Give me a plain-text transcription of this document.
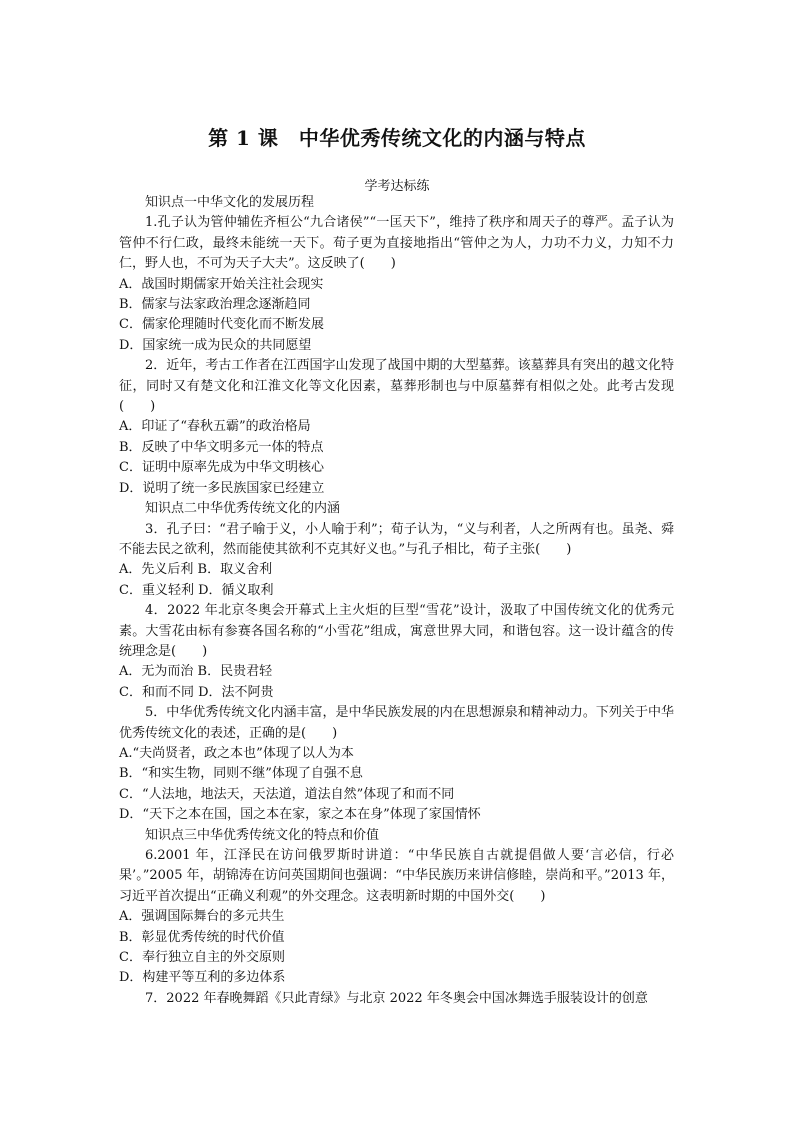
第 1 课　中华优秀传统文化的内涵与特点
学考达标练

知识点一中华文化的发展历程

1.孔子认为管仲辅佐齐桓公“九合诸侯”“一匡天下”，维持了秩序和周天子的尊严。孟子认为管仲不行仁政，最终未能统一天下。荀子更为直接地指出“管仲之为人，力功不力义，力知不力仁，野人也，不可为天子大夫”。这反映了(　　)

A．战国时期儒家开始关注社会现实

B．儒家与法家政治理念逐渐趋同

C．儒家伦理随时代变化而不断发展

D．国家统一成为民众的共同愿望

2．近年，考古工作者在江西国字山发现了战国中期的大型墓葬。该墓葬具有突出的越文化特征，同时又有楚文化和江淮文化等文化因素，墓葬形制也与中原墓葬有相似之处。此考古发现(　　)

A．印证了“春秋五霸”的政治格局

B．反映了中华文明多元一体的特点

C．证明中原率先成为中华文明核心

D．说明了统一多民族国家已经建立

知识点二中华优秀传统文化的内涵

3．孔子曰：“君子喻于义，小人喻于利”；荀子认为，“义与利者，人之所两有也。虽尧、舜不能去民之欲利，然而能使其欲利不克其好义也。”与孔子相比，荀子主张(　　)

A．先义后利 B．取义舍利

C．重义轻利 D．循义取利

4．2022 年北京冬奥会开幕式上主火炬的巨型“雪花”设计，汲取了中国传统文化的优秀元素。大雪花由标有参赛各国名称的“小雪花”组成，寓意世界大同，和谐包容。这一设计蕴含的传统理念是(　　)

A．无为而治 B．民贵君轻

C．和而不同 D．法不阿贵

5．中华优秀传统文化内涵丰富，是中华民族发展的内在思想源泉和精神动力。下列关于中华优秀传统文化的表述，正确的是(　　)

A.“夫尚贤者，政之本也”体现了以人为本

B．“和实生物，同则不继”体现了自强不息

C．“人法地，地法天，天法道，道法自然”体现了和而不同

D．“天下之本在国，国之本在家，家之本在身”体现了家国情怀

知识点三中华优秀传统文化的特点和价值

6.2001 年，江泽民在访问俄罗斯时讲道：“中华民族自古就提倡做人要‘言必信，行必果’。”2005 年，胡锦涛在访问英国期间也强调：“中华民族历来讲信修睦，崇尚和平。”2013 年，习近平首次提出“正确义利观”的外交理念。这表明新时期的中国外交(　　)

A．强调国际舞台的多元共生

B．彰显优秀传统的时代价值

C．奉行独立自主的外交原则

D．构建平等互利的多边体系

7．2022 年春晚舞蹈《只此青绿》与北京 2022 年冬奥会中国冰舞选手服装设计的创意
